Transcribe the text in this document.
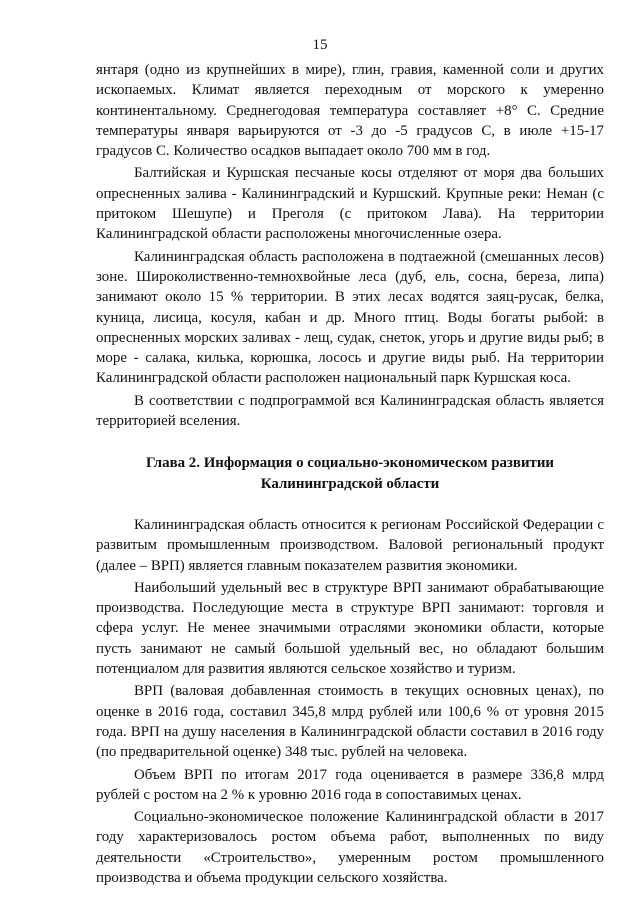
15

янтаря (одно из крупнейших в мире), глин, гравия, каменной соли и других ископаемых. Климат является переходным от морского к умеренно континентальному. Среднегодовая температура составляет +8° С. Средние температуры января варьируются от -3 до -5 градусов С, в июле +15-17 градусов С. Количество осадков выпадает около 700 мм в год.

Балтийская и Куршская песчаные косы отделяют от моря два больших опресненных залива - Калининградский и Куршский. Крупные реки: Неман (с притоком Шешупе) и Преголя (с притоком Лава). На территории Калининградской области расположены многочисленные озера.

Калининградская область расположена в подтаежной (смешанных лесов) зоне. Широколиственно-темнохвойные леса (дуб, ель, сосна, береза, липа) занимают около 15 % территории. В этих лесах водятся заяц-русак, белка, куница, лисица, косуля, кабан и др. Много птиц. Воды богаты рыбой: в опресненных морских заливах - лещ, судак, снеток, угорь и другие виды рыб; в море - салака, килька, корюшка, лосось и другие виды рыб. На территории Калининградской области расположен национальный парк Куршская коса.

В соответствии с подпрограммой вся Калининградская область является территорией вселения.

Глава 2. Информация о социально-экономическом развитии
Калининградской области

Калининградская область относится к регионам Российской Федерации с развитым промышленным производством. Валовой региональный продукт (далее – ВРП) является главным показателем развития экономики.

Наибольший удельный вес в структуре ВРП занимают обрабатывающие производства. Последующие места в структуре ВРП занимают: торговля и сфера услуг. Не менее значимыми отраслями экономики области, которые пусть занимают не самый большой удельный вес, но обладают большим потенциалом для развития являются сельское хозяйство и туризм.

ВРП (валовая добавленная стоимость в текущих основных ценах), по оценке в 2016 года, составил 345,8 млрд рублей или 100,6 % от уровня 2015 года. ВРП на душу населения в Калининградской области составил в 2016 году (по предварительной оценке) 348 тыс. рублей на человека.

Объем ВРП по итогам 2017 года оценивается в размере 336,8 млрд рублей с ростом на 2 % к уровню 2016 года в сопоставимых ценах.

Социально-экономическое положение Калининградской области в 2017 году характеризовалось ростом объема работ, выполненных по виду деятельности «Строительство», умеренным ростом промышленного производства и объема продукции сельского хозяйства.
